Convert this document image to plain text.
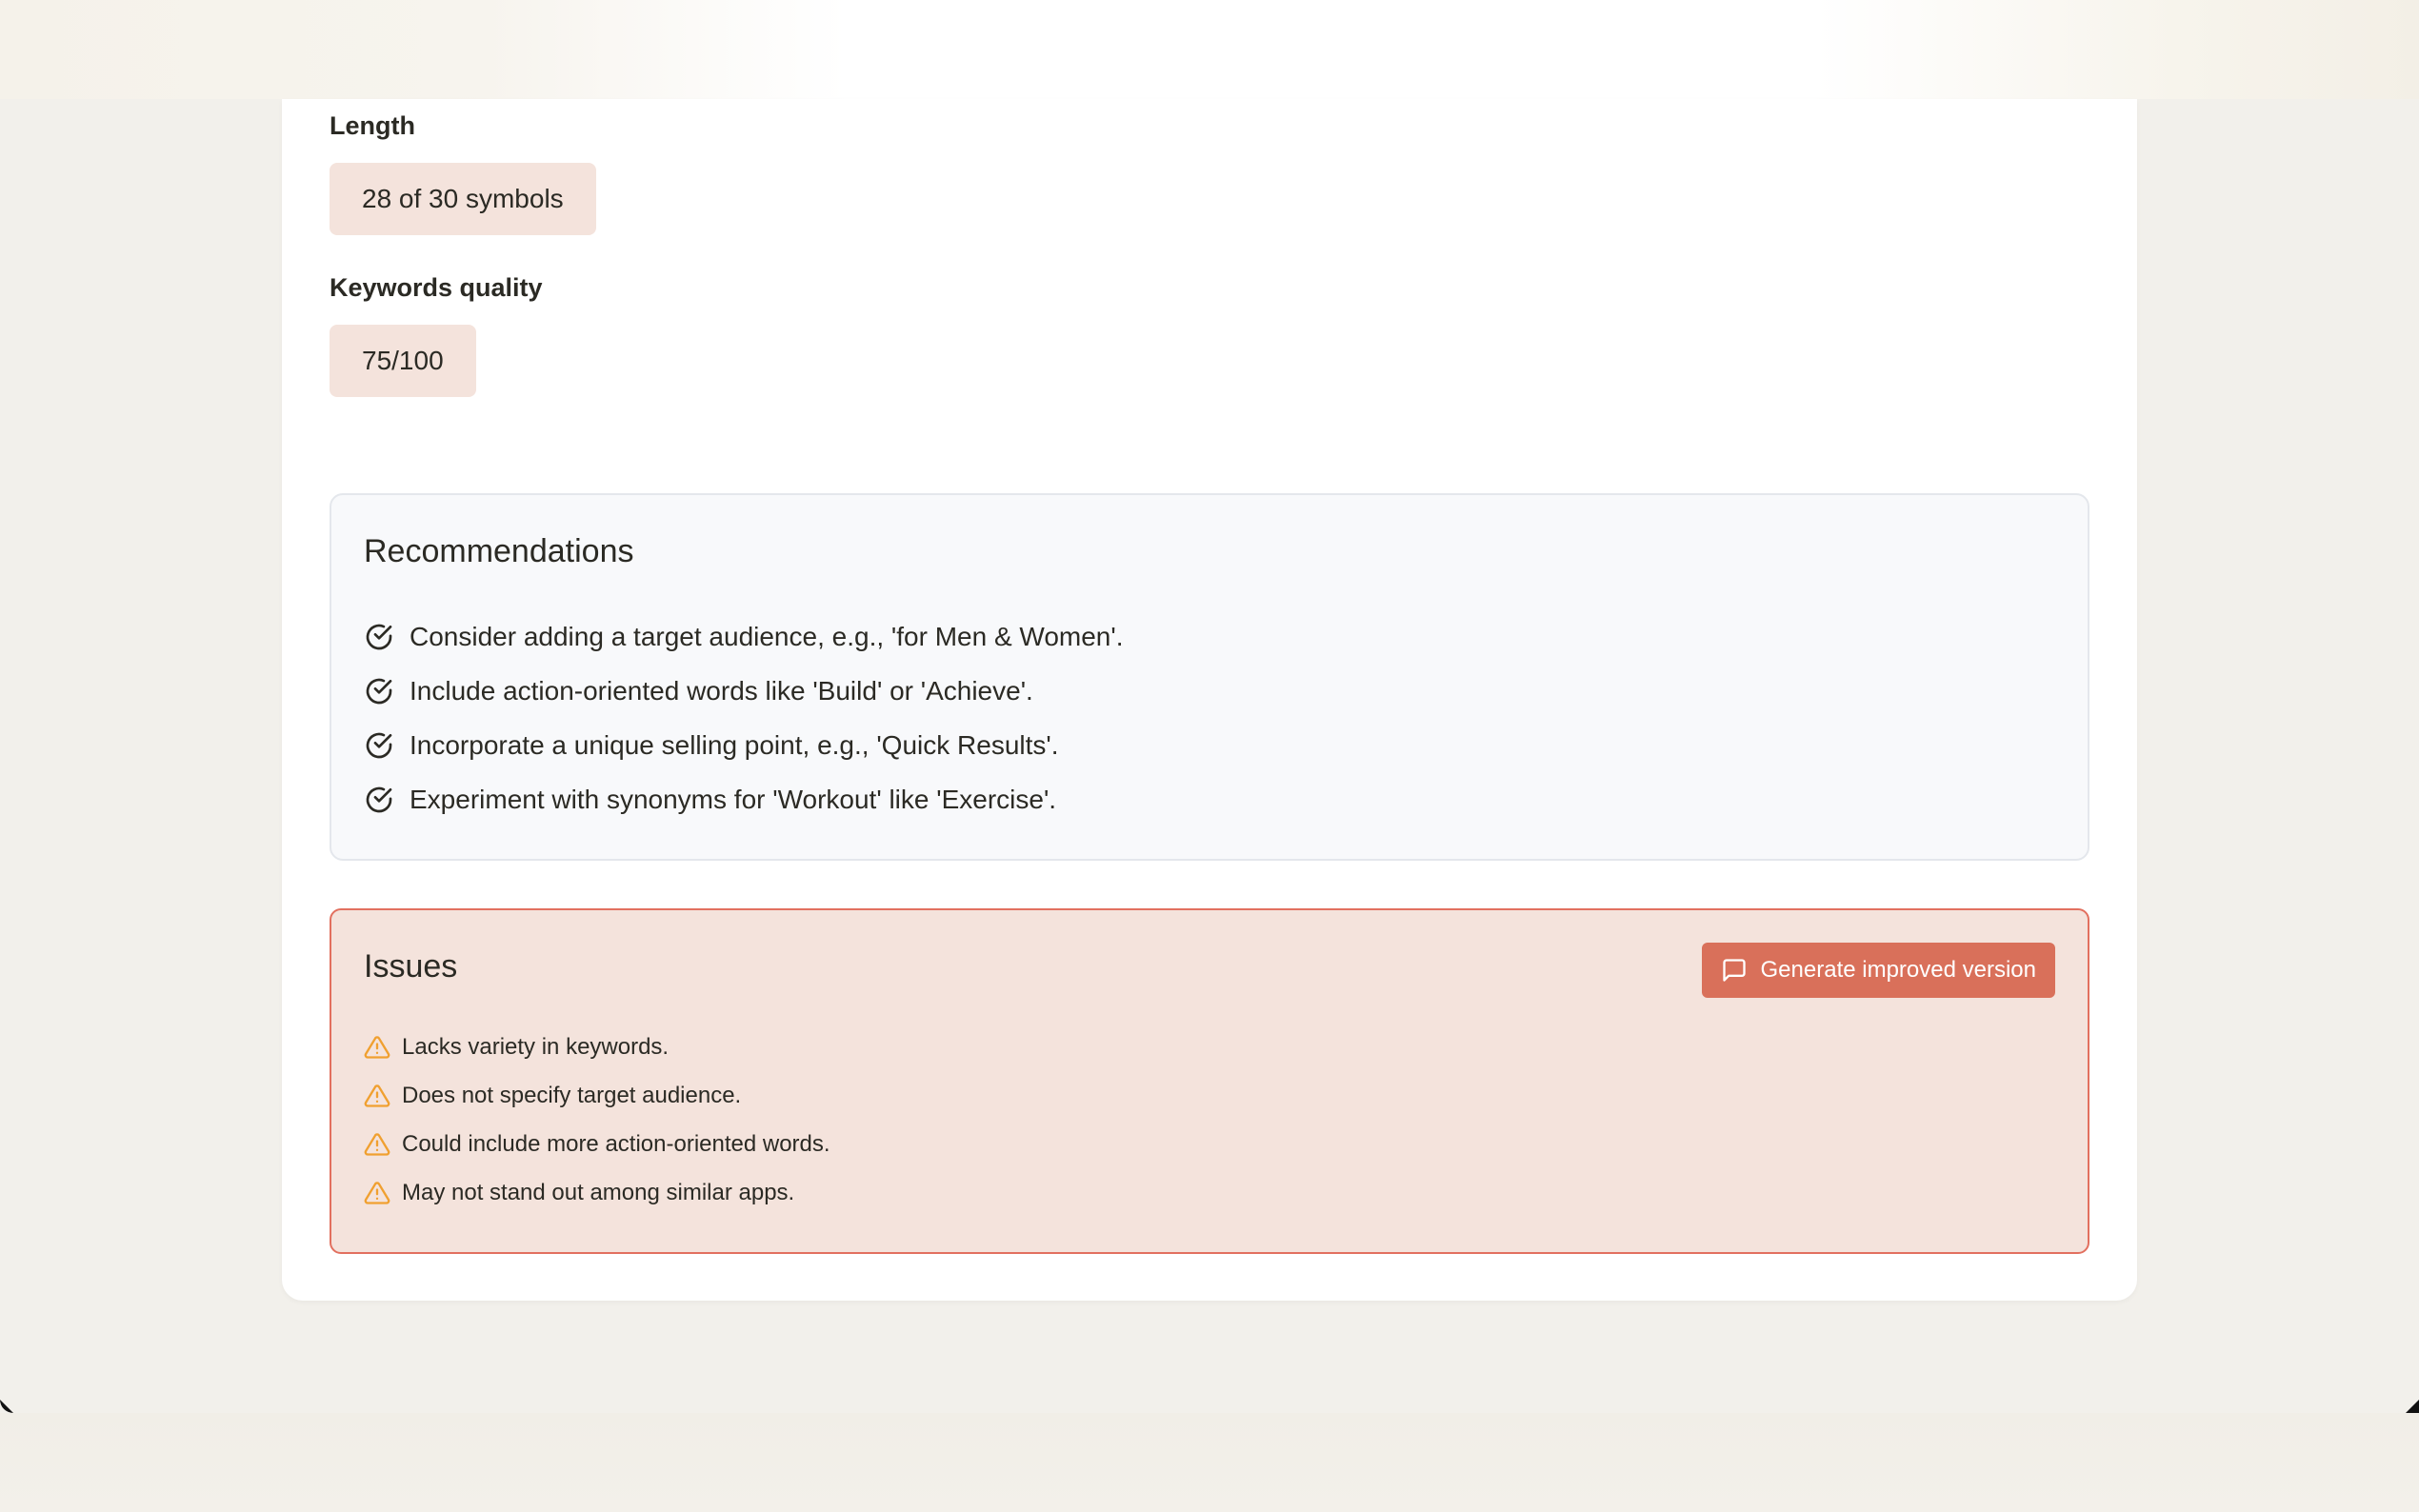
Length
28 of 30 symbols
Keywords quality
75/100
Recommendations
Consider adding a target audience, e.g., 'for Men & Women'.
Include action-oriented words like 'Build' or 'Achieve'.
Incorporate a unique selling point, e.g., 'Quick Results'.
Experiment with synonyms for 'Workout' like 'Exercise'.
Issues	Generate improved version
Lacks variety in keywords.
Does not specify target audience.
Could include more action-oriented words.
May not stand out among similar apps.
